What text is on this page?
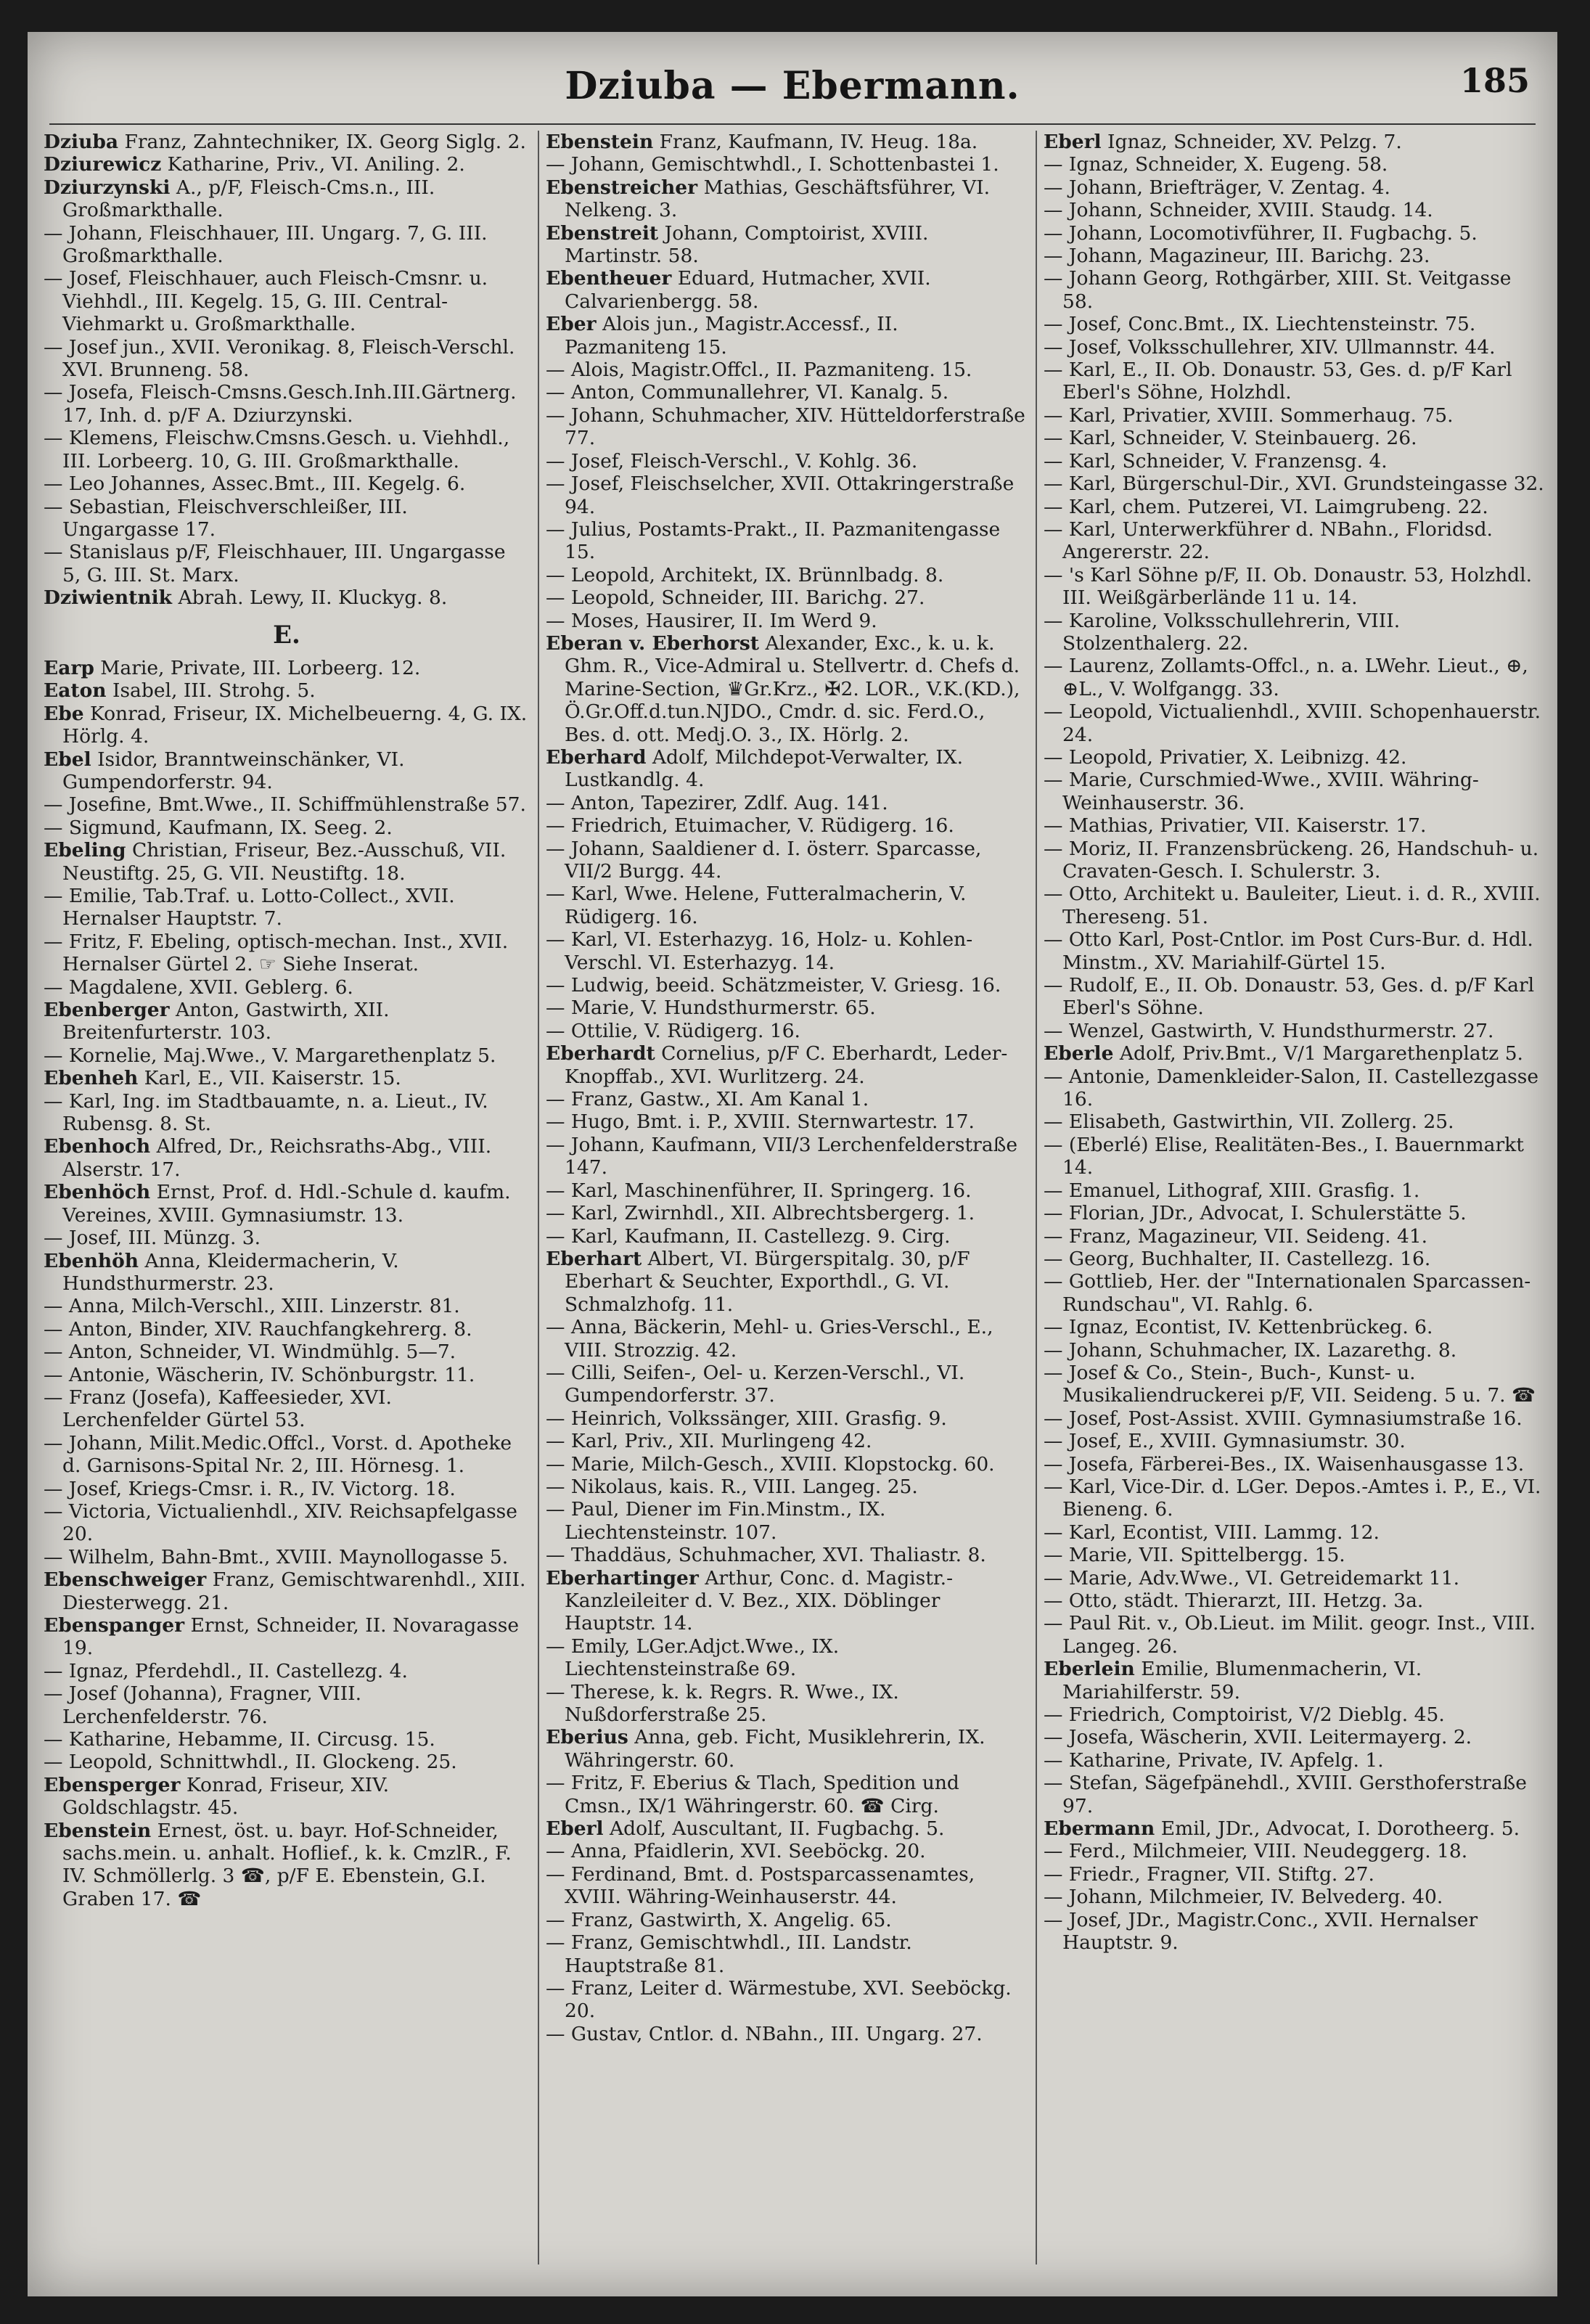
Dziuba — Ebermann.	185

Dziuba Franz, Zahntechniker, IX. Georg Siglg. 2.

Dziurewicz Katharine, Priv., VI. Aniling. 2.

Dziurzynski A., p/F, Fleisch-Cms.n., III. Großmarkthalle.

— Johann, Fleischhauer, III. Ungarg. 7, G. III. Großmarkthalle.

— Josef, Fleischhauer, auch Fleisch-Cmsnr. u. Viehhdl., III. Kegelg. 15, G. III. Central-Viehmarkt u. Großmarkthalle.

— Josef jun., XVII. Veronikag. 8, Fleisch-Verschl. XVI. Brunneng. 58.

— Josefa, Fleisch-Cmsns.Gesch.Inh.III.Gärtnerg. 17, Inh. d. p/F A. Dziurzynski.

— Klemens, Fleischw.Cmsns.Gesch. u. Viehhdl., III. Lorbeerg. 10, G. III. Großmarkthalle.

— Leo Johannes, Assec.Bmt., III. Kegelg. 6.

— Sebastian, Fleischverschleißer, III. Ungargasse 17.

— Stanislaus p/F, Fleischhauer, III. Ungargasse 5, G. III. St. Marx.

Dziwientnik Abrah. Lewy, II. Kluckyg. 8.

E.

Earp Marie, Private, III. Lorbeerg. 12.

Eaton Isabel, III. Strohg. 5.

Ebe Konrad, Friseur, IX. Michelbeuerng. 4, G. IX. Hörlg. 4.

Ebel Isidor, Branntweinschänker, VI. Gumpendorferstr. 94.

— Josefine, Bmt.Wwe., II. Schiffmühlenstraße 57.

— Sigmund, Kaufmann, IX. Seeg. 2.

Ebeling Christian, Friseur, Bez.-Ausschuß, VII. Neustiftg. 25, G. VII. Neustiftg. 18.

— Emilie, Tab.Traf. u. Lotto-Collect., XVII. Hernalser Hauptstr. 7.

— Fritz, F. Ebeling, optisch-mechan. Inst., XVII. Hernalser Gürtel 2. ☞ Siehe Inserat.

— Magdalene, XVII. Geblerg. 6.

Ebenberger Anton, Gastwirth, XII. Breitenfurterstr. 103.

— Kornelie, Maj.Wwe., V. Margarethenplatz 5.

Ebenheh Karl, E., VII. Kaiserstr. 15.

— Karl, Ing. im Stadtbauamte, n. a. Lieut., IV. Rubensg. 8. St.

Ebenhoch Alfred, Dr., Reichsraths-Abg., VIII. Alserstr. 17.

Ebenhöch Ernst, Prof. d. Hdl.-Schule d. kaufm. Vereines, XVIII. Gymnasiumstr. 13.

— Josef, III. Münzg. 3.

Ebenhöh Anna, Kleidermacherin, V. Hundsthurmerstr. 23.

— Anna, Milch-Verschl., XIII. Linzerstr. 81.

— Anton, Binder, XIV. Rauchfangkehrerg. 8.

— Anton, Schneider, VI. Windmühlg. 5—7.

— Antonie, Wäscherin, IV. Schönburgstr. 11.

— Franz (Josefa), Kaffeesieder, XVI. Lerchenfelder Gürtel 53.

— Johann, Milit.Medic.Offcl., Vorst. d. Apotheke d. Garnisons-Spital Nr. 2, III. Hörnesg. 1.

— Josef, Kriegs-Cmsr. i. R., IV. Victorg. 18.

— Victoria, Victualienhdl., XIV. Reichsapfelgasse 20.

— Wilhelm, Bahn-Bmt., XVIII. Maynollogasse 5.

Ebenschweiger Franz, Gemischtwarenhdl., XIII. Diesterwegg. 21.

Ebenspanger Ernst, Schneider, II. Novaragasse 19.

— Ignaz, Pferdehdl., II. Castellezg. 4.

— Josef (Johanna), Fragner, VIII. Lerchenfelderstr. 76.

— Katharine, Hebamme, II. Circusg. 15.

— Leopold, Schnittwhdl., II. Glockeng. 25.

Ebensperger Konrad, Friseur, XIV. Goldschlagstr. 45.

Ebenstein Ernest, öst. u. bayr. Hof-Schneider, sachs.mein. u. anhalt. Hoflief., k. k. CmzlR., F. IV. Schmöllerlg. 3 ☎, p/F E. Ebenstein, G.I. Graben 17. ☎

Ebenstein Franz, Kaufmann, IV. Heug. 18a.

— Johann, Gemischtwhdl., I. Schottenbastei 1.

Ebenstreicher Mathias, Geschäftsführer, VI. Nelkeng. 3.

Ebenstreit Johann, Comptoirist, XVIII. Martinstr. 58.

Ebentheuer Eduard, Hutmacher, XVII. Calvarienbergg. 58.

Eber Alois jun., Magistr.Accessf., II. Pazmaniteng 15.

— Alois, Magistr.Offcl., II. Pazmaniteng. 15.

— Anton, Communallehrer, VI. Kanalg. 5.

— Johann, Schuhmacher, XIV. Hütteldorferstraße 77.

— Josef, Fleisch-Verschl., V. Kohlg. 36.

— Josef, Fleischselcher, XVII. Ottakringerstraße 94.

— Julius, Postamts-Prakt., II. Pazmanitengasse 15.

— Leopold, Architekt, IX. Brünnlbadg. 8.

— Leopold, Schneider, III. Barichg. 27.

— Moses, Hausirer, II. Im Werd 9.

Eberan v. Eberhorst Alexander, Exc., k. u. k. Ghm. R., Vice-Admiral u. Stellvertr. d. Chefs d. Marine-Section, ♛Gr.Krz., ✠2. LOR., V.K.(KD.), Ö.Gr.Off.d.tun.NJDO., Cmdr. d. sic. Ferd.O., Bes. d. ott. Medj.O. 3., IX. Hörlg. 2.

Eberhard Adolf, Milchdepot-Verwalter, IX. Lustkandlg. 4.

— Anton, Tapezirer, Zdlf. Aug. 141.

— Friedrich, Etuimacher, V. Rüdigerg. 16.

— Johann, Saaldiener d. I. österr. Sparcasse, VII/2 Burgg. 44.

— Karl, Wwe. Helene, Futteralmacherin, V. Rüdigerg. 16.

— Karl, VI. Esterhazyg. 16, Holz- u. Kohlen-Verschl. VI. Esterhazyg. 14.

— Ludwig, beeid. Schätzmeister, V. Griesg. 16.

— Marie, V. Hundsthurmerstr. 65.

— Ottilie, V. Rüdigerg. 16.

Eberhardt Cornelius, p/F C. Eberhardt, Leder-Knopffab., XVI. Wurlitzerg. 24.

— Franz, Gastw., XI. Am Kanal 1.

— Hugo, Bmt. i. P., XVIII. Sternwartestr. 17.

— Johann, Kaufmann, VII/3 Lerchenfelderstraße 147.

— Karl, Maschinenführer, II. Springerg. 16.

— Karl, Zwirnhdl., XII. Albrechtsbergerg. 1.

— Karl, Kaufmann, II. Castellezg. 9. Cirg.

Eberhart Albert, VI. Bürgerspitalg. 30, p/F Eberhart & Seuchter, Exporthdl., G. VI. Schmalzhofg. 11.

— Anna, Bäckerin, Mehl- u. Gries-Verschl., E., VIII. Strozzig. 42.

— Cilli, Seifen-, Oel- u. Kerzen-Verschl., VI. Gumpendorferstr. 37.

— Heinrich, Volkssänger, XIII. Grasfig. 9.

— Karl, Priv., XII. Murlingeng 42.

— Marie, Milch-Gesch., XVIII. Klopstockg. 60.

— Nikolaus, kais. R., VIII. Langeg. 25.

— Paul, Diener im Fin.Minstm., IX. Liechtensteinstr. 107.

— Thaddäus, Schuhmacher, XVI. Thaliastr. 8.

Eberhartinger Arthur, Conc. d. Magistr.-Kanzleileiter d. V. Bez., XIX. Döblinger Hauptstr. 14.

— Emily, LGer.Adjct.Wwe., IX. Liechtensteinstraße 69.

— Therese, k. k. Regrs. R. Wwe., IX. Nußdorferstraße 25.

Eberius Anna, geb. Ficht, Musiklehrerin, IX. Währingerstr. 60.

— Fritz, F. Eberius & Tlach, Spedition und Cmsn., IX/1 Währingerstr. 60. ☎ Cirg.

Eberl Adolf, Auscultant, II. Fugbachg. 5.

— Anna, Pfaidlerin, XVI. Seeböckg. 20.

— Ferdinand, Bmt. d. Postsparcassenamtes, XVIII. Währing-Weinhauserstr. 44.

— Franz, Gastwirth, X. Angelig. 65.

— Franz, Gemischtwhdl., III. Landstr. Hauptstraße 81.

— Franz, Leiter d. Wärmestube, XVI. Seeböckg. 20.

— Gustav, Cntlor. d. NBahn., III. Ungarg. 27.

Eberl Ignaz, Schneider, XV. Pelzg. 7.

— Ignaz, Schneider, X. Eugeng. 58.

— Johann, Briefträger, V. Zentag. 4.

— Johann, Schneider, XVIII. Staudg. 14.

— Johann, Locomotivführer, II. Fugbachg. 5.

— Johann, Magazineur, III. Barichg. 23.

— Johann Georg, Rothgärber, XIII. St. Veitgasse 58.

— Josef, Conc.Bmt., IX. Liechtensteinstr. 75.

— Josef, Volksschullehrer, XIV. Ullmannstr. 44.

— Karl, E., II. Ob. Donaustr. 53, Ges. d. p/F Karl Eberl's Söhne, Holzhdl.

— Karl, Privatier, XVIII. Sommerhaug. 75.

— Karl, Schneider, V. Steinbauerg. 26.

— Karl, Schneider, V. Franzensg. 4.

— Karl, Bürgerschul-Dir., XVI. Grundsteingasse 32.

— Karl, chem. Putzerei, VI. Laimgrubeng. 22.

— Karl, Unterwerkführer d. NBahn., Floridsd. Angererstr. 22.

— 's Karl Söhne p/F, II. Ob. Donaustr. 53, Holzhdl. III. Weißgärberlände 11 u. 14.

— Karoline, Volksschullehrerin, VIII. Stolzenthalerg. 22.

— Laurenz, Zollamts-Offcl., n. a. LWehr. Lieut., ⊕, ⊕L., V. Wolfgangg. 33.

— Leopold, Victualienhdl., XVIII. Schopenhauerstr. 24.

— Leopold, Privatier, X. Leibnizg. 42.

— Marie, Curschmied-Wwe., XVIII. Währing-Weinhauserstr. 36.

— Mathias, Privatier, VII. Kaiserstr. 17.

— Moriz, II. Franzensbrückeng. 26, Handschuh- u. Cravaten-Gesch. I. Schulerstr. 3.

— Otto, Architekt u. Bauleiter, Lieut. i. d. R., XVIII. Thereseng. 51.

— Otto Karl, Post-Cntlor. im Post Curs-Bur. d. Hdl. Minstm., XV. Mariahilf-Gürtel 15.

— Rudolf, E., II. Ob. Donaustr. 53, Ges. d. p/F Karl Eberl's Söhne.

— Wenzel, Gastwirth, V. Hundsthurmerstr. 27.

Eberle Adolf, Priv.Bmt., V/1 Margarethenplatz 5.

— Antonie, Damenkleider-Salon, II. Castellezgasse 16.

— Elisabeth, Gastwirthin, VII. Zollerg. 25.

— (Eberlé) Elise, Realitäten-Bes., I. Bauernmarkt 14.

— Emanuel, Lithograf, XIII. Grasfig. 1.

— Florian, JDr., Advocat, I. Schulerstätte 5.

— Franz, Magazineur, VII. Seideng. 41.

— Georg, Buchhalter, II. Castellezg. 16.

— Gottlieb, Her. der "Internationalen Sparcassen-Rundschau", VI. Rahlg. 6.

— Ignaz, Econtist, IV. Kettenbrückeg. 6.

— Johann, Schuhmacher, IX. Lazarethg. 8.

— Josef & Co., Stein-, Buch-, Kunst- u. Musikaliendruckerei p/F, VII. Seideng. 5 u. 7. ☎

— Josef, Post-Assist. XVIII. Gymnasiumstraße 16.

— Josef, E., XVIII. Gymnasiumstr. 30.

— Josefa, Färberei-Bes., IX. Waisenhausgasse 13.

— Karl, Vice-Dir. d. LGer. Depos.-Amtes i. P., E., VI. Bieneng. 6.

— Karl, Econtist, VIII. Lammg. 12.

— Marie, VII. Spittelbergg. 15.

— Marie, Adv.Wwe., VI. Getreidemarkt 11.

— Otto, städt. Thierarzt, III. Hetzg. 3a.

— Paul Rit. v., Ob.Lieut. im Milit. geogr. Inst., VIII. Langeg. 26.

Eberlein Emilie, Blumenmacherin, VI. Mariahilferstr. 59.

— Friedrich, Comptoirist, V/2 Dieblg. 45.

— Josefa, Wäscherin, XVII. Leitermayerg. 2.

— Katharine, Private, IV. Apfelg. 1.

— Stefan, Sägefpänehdl., XVIII. Gersthoferstraße 97.

Ebermann Emil, JDr., Advocat, I. Dorotheerg. 5.

— Ferd., Milchmeier, VIII. Neudeggerg. 18.

— Friedr., Fragner, VII. Stiftg. 27.

— Johann, Milchmeier, IV. Belvederg. 40.

— Josef, JDr., Magistr.Conc., XVII. Hernalser Hauptstr. 9.
